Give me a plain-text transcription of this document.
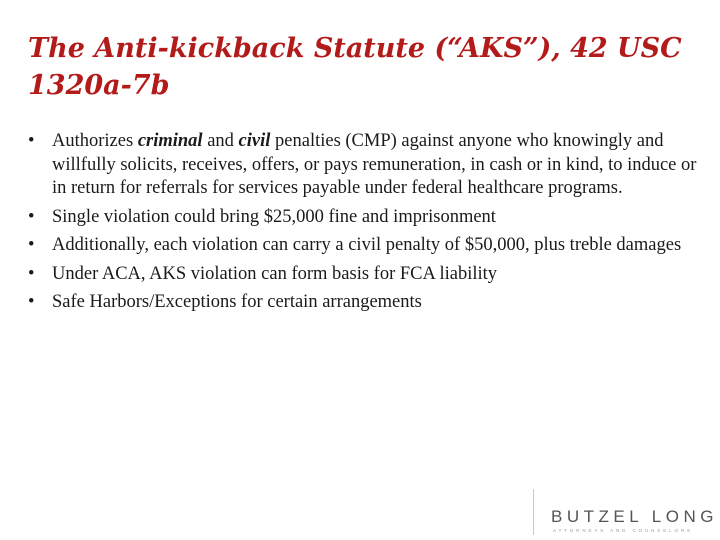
The Anti-kickback Statute (“AKS”), 42 USC 1320a-7b
• Authorizes criminal and civil penalties (CMP) against anyone who knowingly and willfully solicits, receives, offers, or pays remuneration, in cash or in kind, to induce or in return for referrals for services payable under federal healthcare programs.
• Single violation could bring $25,000 fine and imprisonment
• Additionally, each violation can carry a civil penalty of $50,000, plus treble damages
• Under ACA, AKS violation can form basis for FCA liability
• Safe Harbors/Exceptions for certain arrangements
BUTZEL LONG
ATTORNEYS AND COUNSELORS
